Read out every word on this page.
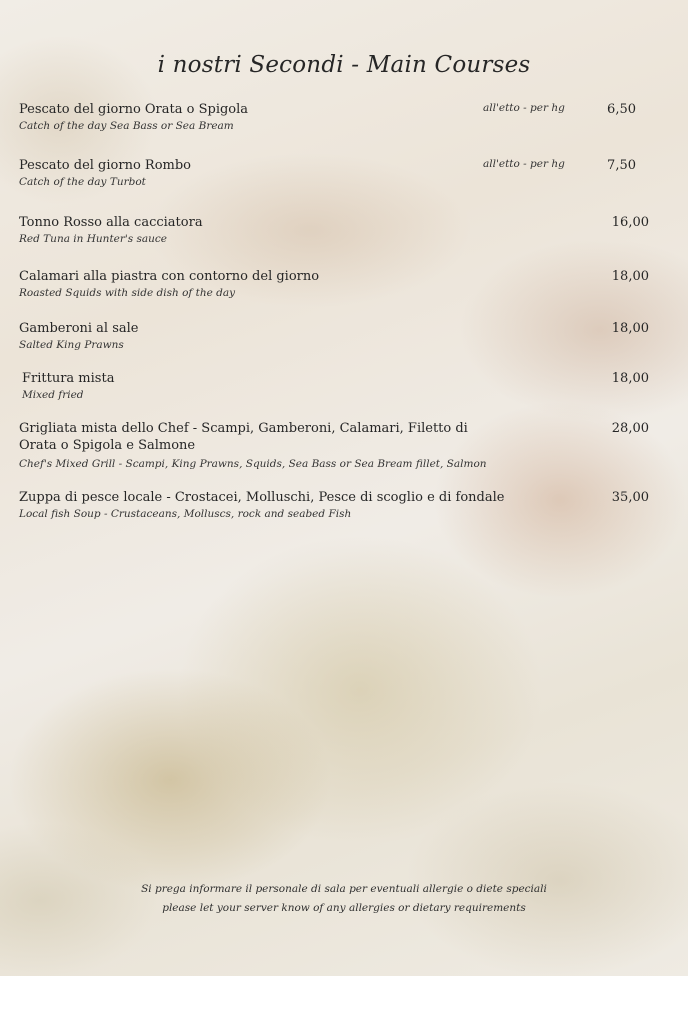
i nostri Secondi - Main Courses
Pescato del giorno Orata o Spigola
Catch of the day Sea Bass or Sea Bream
all'etto - per hg	6,50
Pescato del giorno Rombo
Catch of the day Turbot
all'etto - per hg	7,50
Tonno Rosso alla cacciatora
Red Tuna in Hunter's sauce
16,00
Calamari alla piastra con contorno del giorno
Roasted Squids with side dish of the day
18,00
Gamberoni al sale
Salted King Prawns
18,00
Frittura mista
Mixed fried
18,00
Grigliata mista dello Chef - Scampi, Gamberoni, Calamari, Filetto di Orata o Spigola e Salmone
Chef's Mixed Grill - Scampi, King Prawns, Squids, Sea Bass or Sea Bream fillet, Salmon
28,00
Zuppa di pesce locale - Crostacei, Molluschi, Pesce di scoglio e di fondale
Local fish Soup - Crustaceans, Molluscs, rock and seabed Fish
35,00
Si prega informare il personale di sala per eventuali allergie o diete speciali
please let your server know of any allergies or dietary requirements
